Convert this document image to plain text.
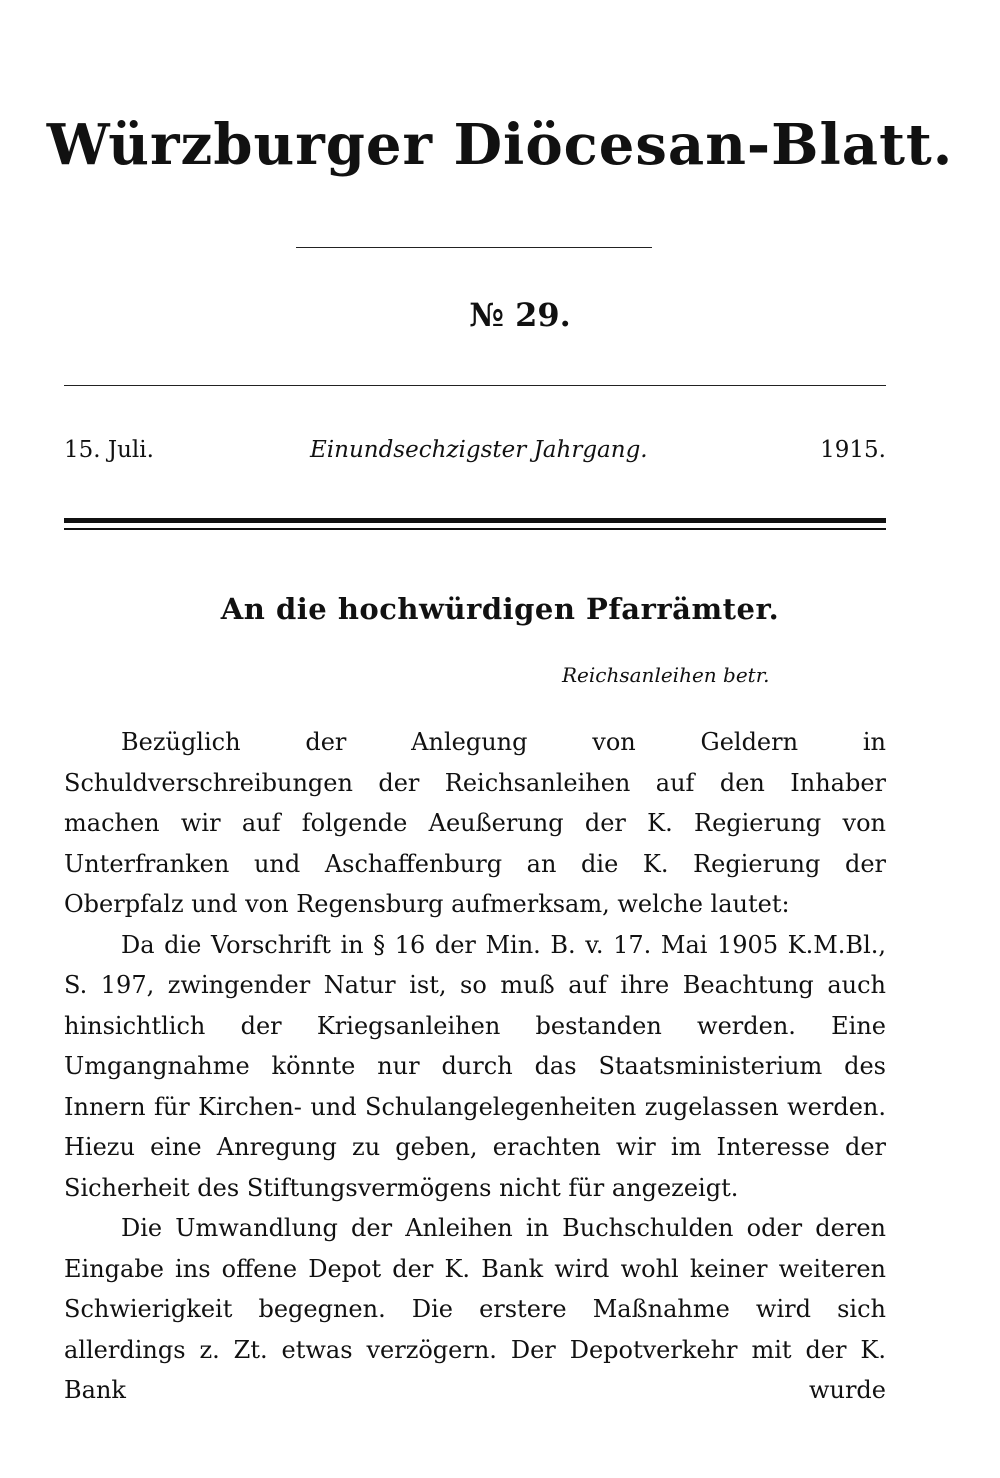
Würzburger Diöcesan-Blatt.
№ 29.
15. Juli.	Einundsechzigster Jahrgang.	1915.
An die hochwürdigen Pfarrämter.
Reichsanleihen betr.

Bezüglich der Anlegung von Geldern in Schuldverschreibungen der Reichsanleihen auf den Inhaber machen wir auf folgende Aeußerung der K. Regierung von Unterfranken und Aschaffenburg an die K. Regierung der Oberpfalz und von Regensburg aufmerksam, welche lautet:

Da die Vorschrift in § 16 der Min. B. v. 17. Mai 1905 K.M.Bl., S. 197, zwingender Natur ist, so muß auf ihre Beachtung auch hinsichtlich der Kriegsanleihen bestanden werden. Eine Umgangnahme könnte nur durch das Staatsministerium des Innern für Kirchen- und Schulangelegenheiten zugelassen werden. Hiezu eine Anregung zu geben, erachten wir im Interesse der Sicherheit des Stiftungsvermögens nicht für angezeigt.

Die Umwandlung der Anleihen in Buchschulden oder deren Eingabe ins offene Depot der K. Bank wird wohl keiner weiteren Schwierigkeit begegnen. Die erstere Maßnahme wird sich allerdings z. Zt. etwas verzögern. Der Depotverkehr mit der K. Bank wurde
